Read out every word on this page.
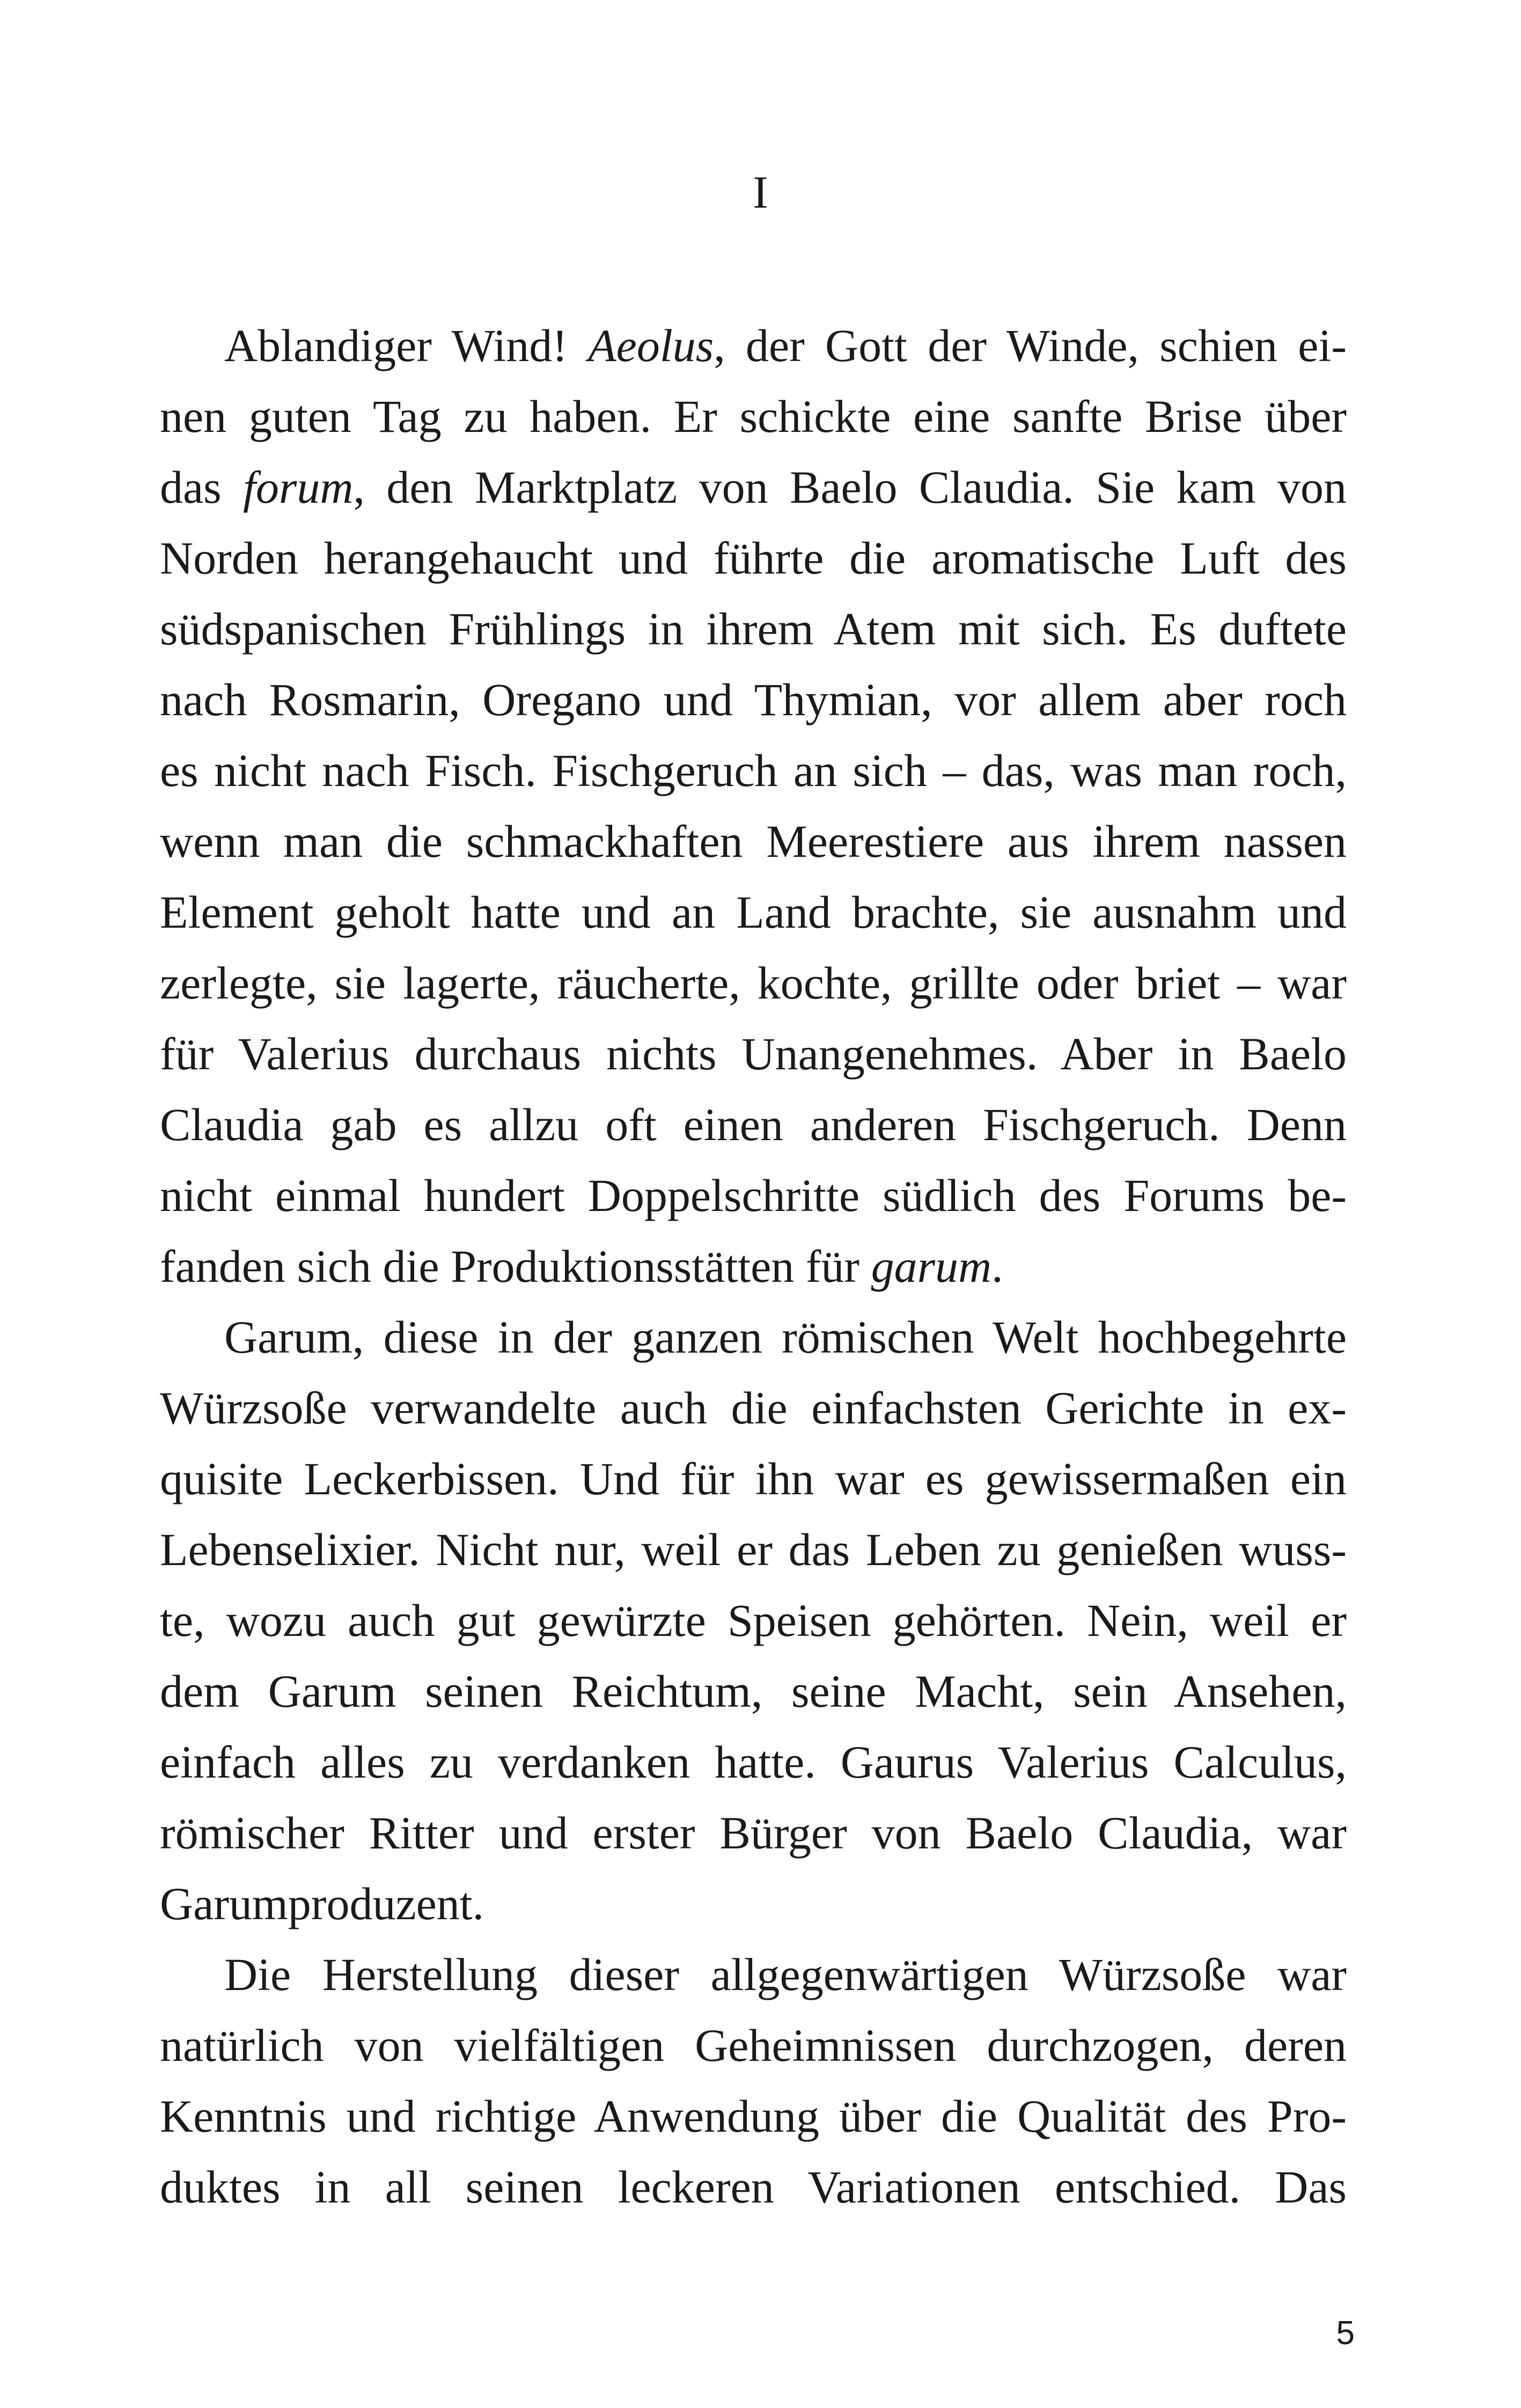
I
Ablandiger Wind! Aeolus, der Gott der Winde, schien ei-
nen guten Tag zu haben. Er schickte eine sanfte Brise über
das forum, den Marktplatz von Baelo Claudia. Sie kam von
Norden herangehaucht und führte die aromatische Luft des
südspanischen Frühlings in ihrem Atem mit sich. Es duftete
nach Rosmarin, Oregano und Thymian, vor allem aber roch
es nicht nach Fisch. Fischgeruch an sich – das, was man roch,
wenn man die schmackhaften Meerestiere aus ihrem nassen
Element geholt hatte und an Land brachte, sie ausnahm und
zerlegte, sie lagerte, räucherte, kochte, grillte oder briet – war
für Valerius durchaus nichts Unangenehmes. Aber in Baelo
Claudia gab es allzu oft einen anderen Fischgeruch. Denn
nicht einmal hundert Doppelschritte südlich des Forums be-
fanden sich die Produktionsstätten für garum.
Garum, diese in der ganzen römischen Welt hochbegehrte
Würzsoße verwandelte auch die einfachsten Gerichte in ex-
quisite Leckerbissen. Und für ihn war es gewissermaßen ein
Lebenselixier. Nicht nur, weil er das Leben zu genießen wuss-
te, wozu auch gut gewürzte Speisen gehörten. Nein, weil er
dem Garum seinen Reichtum, seine Macht, sein Ansehen,
einfach alles zu verdanken hatte. Gaurus Valerius Calculus,
römischer Ritter und erster Bürger von Baelo Claudia, war
Garumproduzent.
Die Herstellung dieser allgegenwärtigen Würzsoße war
natürlich von vielfältigen Geheimnissen durchzogen, deren
Kenntnis und richtige Anwendung über die Qualität des Pro-
duktes in all seinen leckeren Variationen entschied. Das
5
